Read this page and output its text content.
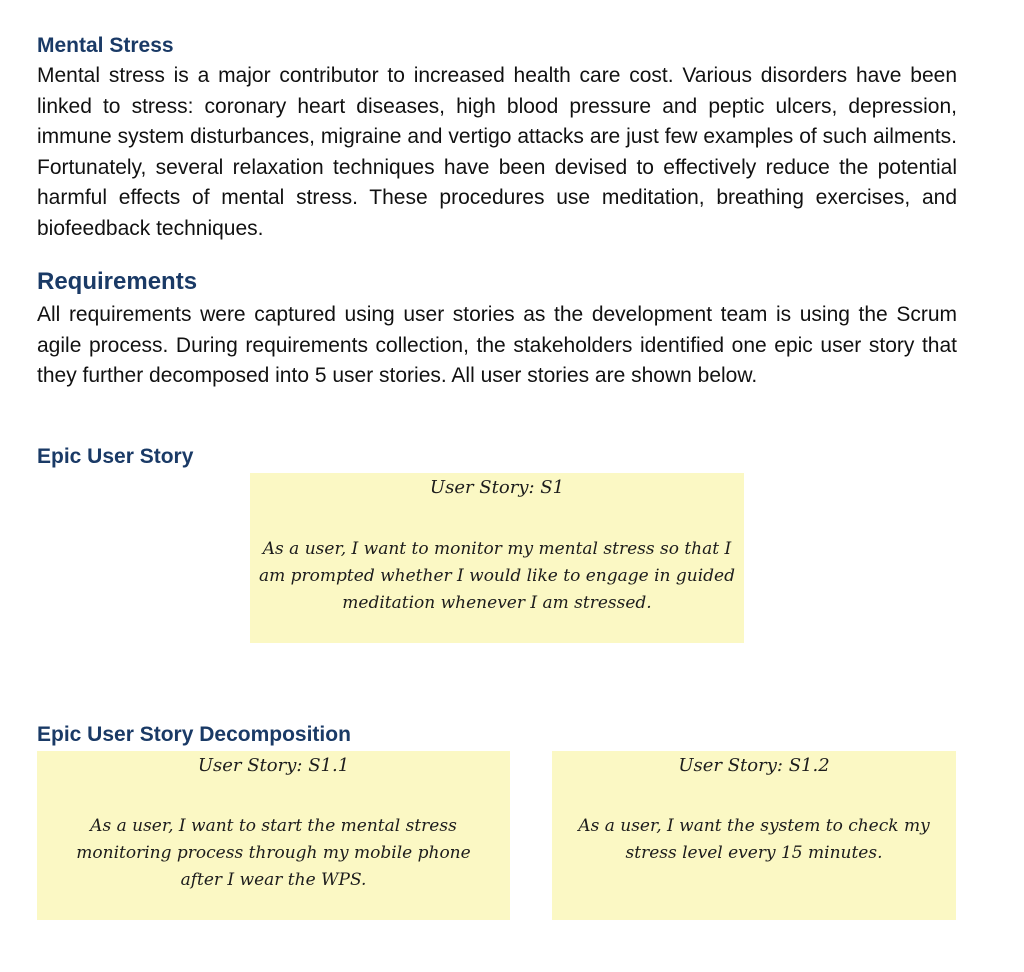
Mental Stress

Mental stress is a major contributor to increased health care cost. Various disorders have been linked to stress: coronary heart diseases, high blood pressure and peptic ulcers, depression, immune system disturbances, migraine and vertigo attacks are just few examples of such ailments. Fortunately, several relaxation techniques have been devised to effectively reduce the potential harmful effects of mental stress. These procedures use meditation, breathing exercises, and biofeedback techniques.

Requirements

All requirements were captured using user stories as the development team is using the Scrum agile process. During requirements collection, the stakeholders identified one epic user story that they further decomposed into 5 user stories. All user stories are shown below.

Epic User Story
User Story: S1
As a user, I want to monitor my mental stress so that I am prompted whether I would like to engage in guided meditation whenever I am stressed.
Epic User Story Decomposition
User Story: S1.1
As a user, I want to start the mental stress monitoring process through my mobile phone after I wear the WPS.
User Story: S1.2
As a user, I want the system to check my stress level every 15 minutes.
